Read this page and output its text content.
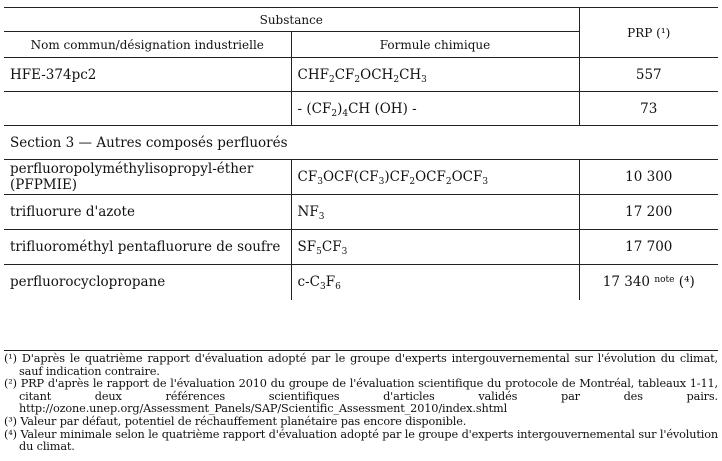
Substance		PRP (¹)
Nom commun/désignation industrielle	Formule chimique	
HFE-374pc2	$CHF_2CF_2OCH_2CH_3$	557
	- $(CF_2)_4CH$ (OH) -	73
Section 3 — Autres composés perfluorés		
perfluoropolyméthylisopropyl-éther (PFPMIE)	$CF_3OCF(CF_3)CF_2OCF_2OCF_3$	10 300
trifluorure d'azote	$NF_3$	17 200
trifluorométhyl pentafluorure de soufre	$SF_5CF_3$	17 700
perfluorocyclopropane	$c-C_3F_6$	17 340 $^{note}$ (⁴)
(¹) D'après le quatrième rapport d'évaluation adopté par le groupe d'experts intergouvernemental sur l'évolution du climat, sauf indication contraire.
(²) PRP d'après le rapport de l'évaluation 2010 du groupe de l'évaluation scientifique du protocole de Montréal, tableaux 1-11, citant deux références scientifiques d'articles validés par des pairs. http://ozone.unep.org/Assessment_Panels/SAP/Scientific_Assessment_2010/index.shtml
(³) Valeur par défaut, potentiel de réchauffement planétaire pas encore disponible.
(⁴) Valeur minimale selon le quatrième rapport d'évaluation adopté par le groupe d'experts intergouvernemental sur l'évolution du climat.
